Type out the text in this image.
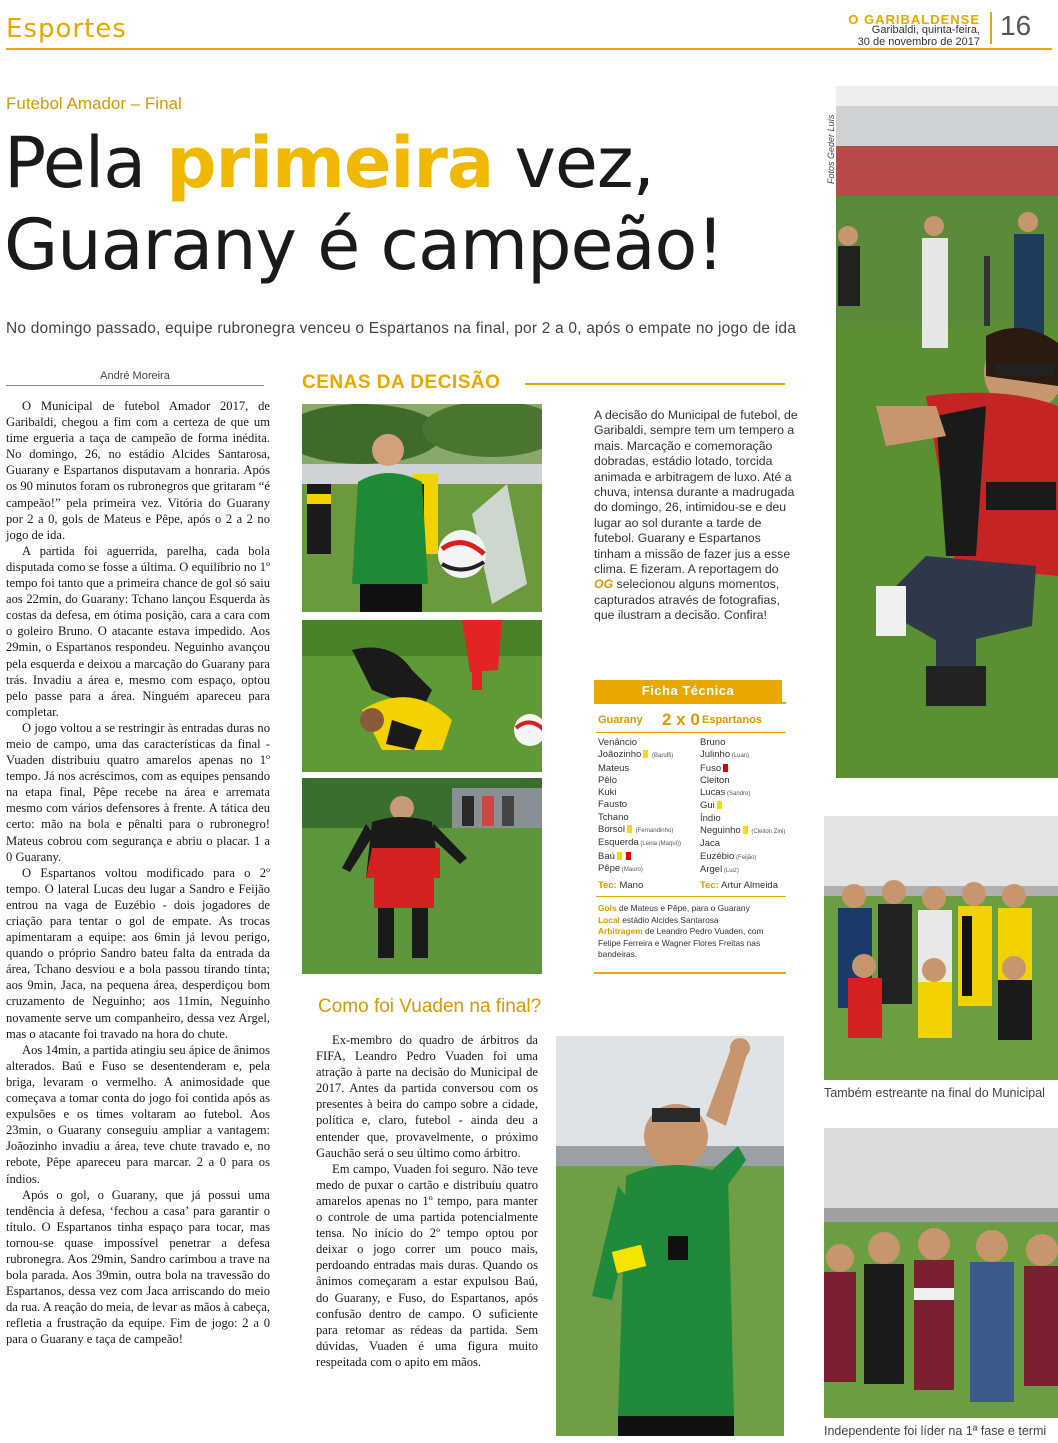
Esportes	O GARIBALDENSE
Garibaldi, quinta-feira,
30 de novembro de 2017
16
Futebol Amador – Final
Pela primeira vez,
Guarany é campeão!
No domingo passado, equipe rubronegra venceu o Espartanos na final, por 2 a 0, após o empate no jogo de ida
André Moreira

O Municipal de futebol Amador 2017, de Garibaldi, chegou a fim com a certeza de que um time ergueria a taça de campeão de forma inédita. No domingo, 26, no estádio Alcides Santarosa, Guarany e Espartanos disputavam a honraria. Após os 90 minutos foram os rubronegros que gritaram “é campeão!” pela primeira vez. Vitória do Guarany por 2 a 0, gols de Mateus e Pêpe, após o 2 a 2 no jogo de ida.

A partida foi aguerrida, parelha, cada bola disputada como se fosse a última. O equilíbrio no 1º tempo foi tanto que a primeira chance de gol só saiu aos 22min, do Guarany: Tchano lançou Esquerda às costas da defesa, em ótima posição, cara a cara com o goleiro Bruno. O atacante estava impedido. Aos 29min, o Espartanos respondeu. Neguinho avançou pela esquerda e deixou a marcação do Guarany para trás. Invadiu a área e, mesmo com espaço, optou pelo passe para a área. Ninguém apareceu para completar.

O jogo voltou a se restringir às entradas duras no meio de campo, uma das características da final - Vuaden distribuiu quatro amarelos apenas no 1º tempo. Já nos acréscimos, com as equipes pensando na etapa final, Pêpe recebe na área e arremata mesmo com vários defensores à frente. A tática deu certo: mão na bola e pênalti para o rubronegro! Mateus cobrou com segurança e abriu o placar. 1 a 0 Guarany.

O Espartanos voltou modificado para o 2º tempo. O lateral Lucas deu lugar a Sandro e Feijão entrou na vaga de Euzébio - dois jogadores de criação para tentar o gol de empate. As trocas apimentaram a equipe: aos 6min já levou perigo, quando o próprio Sandro bateu falta da entrada da área, Tchano desviou e a bola passou tirando tinta; aos 9min, Jaca, na pequena área, desperdiçou bom cruzamento de Neguinho; aos 11min, Neguinho novamente serve um companheiro, dessa vez Argel, mas o atacante foi travado na hora do chute.

Aos 14min, a partida atingiu seu ápice de ânimos alterados. Baú e Fuso se desentenderam e, pela briga, levaram o vermelho. A animosidade que começava a tomar conta do jogo foi contida após as expulsões e os times voltaram ao futebol. Aos 23min, o Guarany conseguiu ampliar a vantagem: Joãozinho invadiu a área, teve chute travado e, no rebote, Pêpe apareceu para marcar. 2 a 0 para os índios.

Após o gol, o Guarany, que já possui uma tendência à defesa, ‘fechou a casa’ para garantir o título. O Espartanos tinha espaço para tocar, mas tornou-se quase impossível penetrar a defesa rubronegra. Aos 29min, Sandro carimbou a trave na bola parada. Aos 39min, outra bola na travessão do Espartanos, dessa vez com Jaca arriscando do meio da rua. A reação do meia, de levar as mãos à cabeça, refletia a frustração da equipe. Fim de jogo: 2 a 0 para o Guarany e taça de campeão!

CENAS DA DECISÃO
A decisão do Municipal de futebol, de Garibaldi, sempre tem um tempero a mais. Marcação e comemoração dobradas, estádio lotado, torcida animada e arbitragem de luxo. Até a chuva, intensa durante a madrugada do domingo, 26, intimidou-se e deu lugar ao sol durante a tarde de futebol. Guarany e Espartanos tinham a missão de fazer jus a esse clima. E fizeram. A reportagem do OG selecionou alguns momentos, capturados através de fotografias, que ilustram a decisão. Confira!
Ficha Técnica
Guarany 2 x 0 Espartanos
Venâncio
Joãozinho (Baruffi)
Mateus
Pêlo
Kuki
Fausto
Tchano
Borsol (Fernandinho)
Esquerda (Leiria (Maqui))
Baú
Pêpe (Mauro)
Bruno
Julinho (Luan)
Fuso
Cleiton
Lucas (Sandro)
Gui
Índio
Neguinho (Cleiton Zini)
Jaca
Euzébio (Feijão)
Argel (Luiz)
Tec: Mano	Tec: Artur Almeida
Gols de Mateus e Pêpe, para o Guarany
Local estádio Alcides Santarosa
Arbitragem de Leandro Pedro Vuaden, com Felipe Ferreira e Wagner Flores Freitas nas bandeiras.
Como foi Vuaden na final?

Ex-membro do quadro de árbitros da FIFA, Leandro Pedro Vuaden foi uma atração à parte na decisão do Municipal de 2017. Antes da partida conversou com os presentes à beira do campo sobre a cidade, política e, claro, futebol - ainda deu a entender que, provavelmente, o próximo Gauchão será o seu último como árbitro.

Em campo, Vuaden foi seguro. Não teve medo de puxar o cartão e distribuiu quatro amarelos apenas no 1º tempo, para manter o controle de uma partida potencialmente tensa. No início do 2º tempo optou por deixar o jogo correr um pouco mais, perdoando entradas mais duras. Quando os ânimos começaram a estar expulsou Baú, do Guarany, e Fuso, do Espartanos, após confusão dentro de campo. O suficiente para retomar as rédeas da partida. Sem dúvidas, Vuaden é uma figura muito respeitada com o apito em mãos.

Fotos Geder Luís
Também estreante na final do Municipal
Independente foi líder na 1ª fase e termi
